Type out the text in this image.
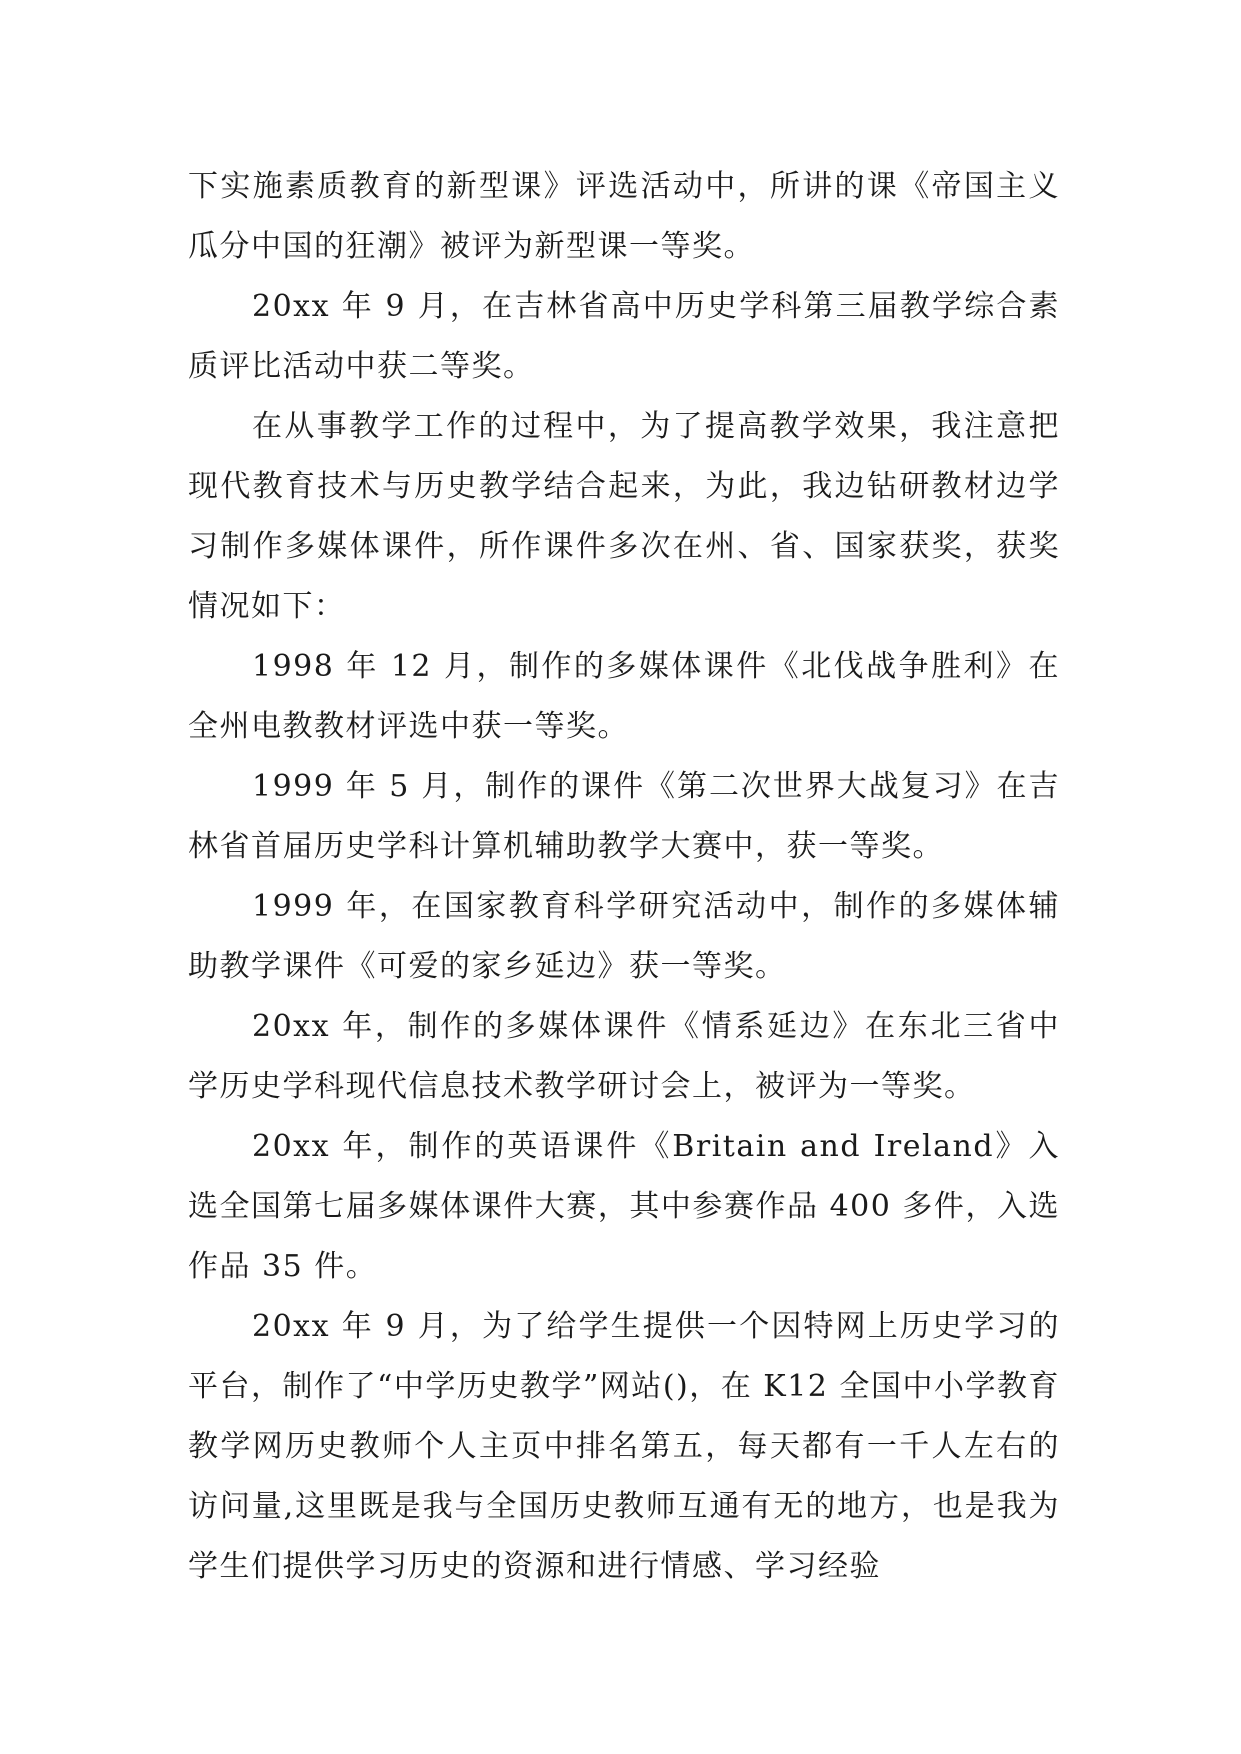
下实施素质教育的新型课》评选活动中，所讲的课《帝国主义瓜分中国的狂潮》被评为新型课一等奖。

20xx 年 9 月，在吉林省高中历史学科第三届教学综合素质评比活动中获二等奖。

在从事教学工作的过程中，为了提高教学效果，我注意把现代教育技术与历史教学结合起来，为此，我边钻研教材边学习制作多媒体课件，所作课件多次在州、省、国家获奖，获奖情况如下：

1998 年 12 月，制作的多媒体课件《北伐战争胜利》在全州电教教材评选中获一等奖。

1999 年 5 月，制作的课件《第二次世界大战复习》在吉林省首届历史学科计算机辅助教学大赛中，获一等奖。

1999 年，在国家教育科学研究活动中，制作的多媒体辅助教学课件《可爱的家乡延边》获一等奖。

20xx 年，制作的多媒体课件《情系延边》在东北三省中学历史学科现代信息技术教学研讨会上，被评为一等奖。

20xx 年，制作的英语课件《Britain and Ireland》入选全国第七届多媒体课件大赛，其中参赛作品 400 多件，入选作品 35 件。

20xx 年 9 月，为了给学生提供一个因特网上历史学习的平台，制作了“中学历史教学”网站()，在 K12 全国中小学教育教学网历史教师个人主页中排名第五，每天都有一千人左右的访问量,这里既是我与全国历史教师互通有无的地方，也是我为学生们提供学习历史的资源和进行情感、学习经验
